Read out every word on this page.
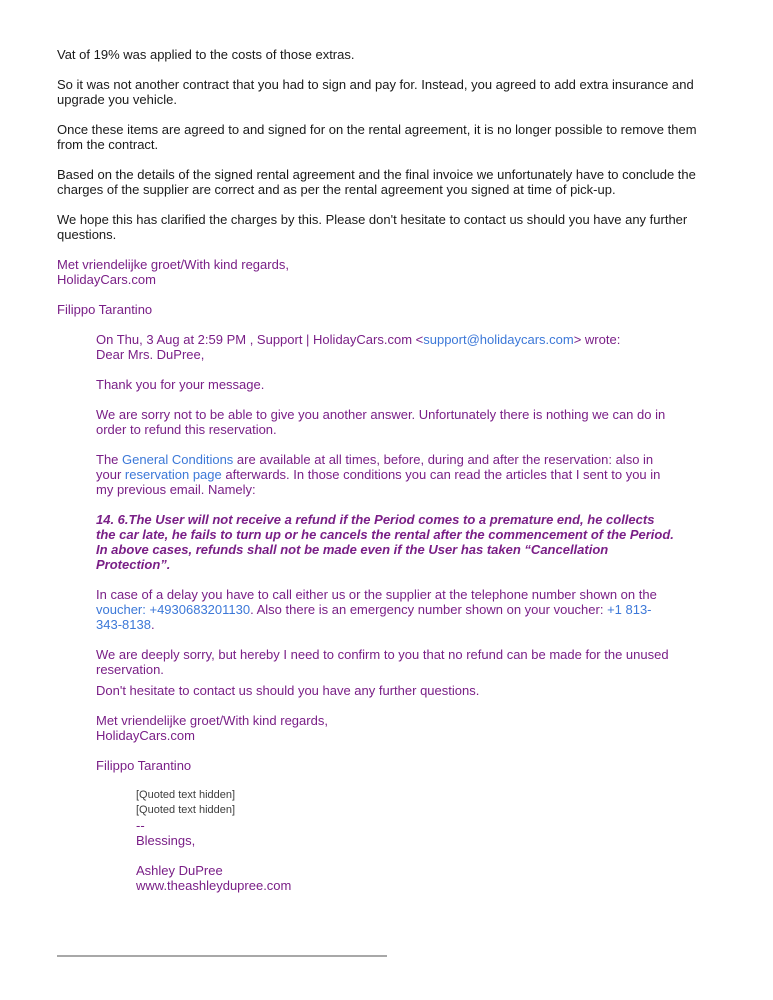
Vat of 19% was applied to the costs of those extras.

So it was not another contract that you had to sign and pay for. Instead, you agreed to add extra insurance and upgrade you vehicle.

Once these items are agreed to and signed for on the rental agreement, it is no longer possible to remove them from the contract.

Based on the details of the signed rental agreement and the final invoice we unfortunately have to conclude the charges of the supplier are correct and as per the rental agreement you signed at time of pick-up.

We hope this has clarified the charges by this. Please don't hesitate to contact us should you have any further questions.

Met vriendelijke groet/With kind regards,
HolidayCars.com

Filippo Tarantino

On Thu, 3 Aug at 2:59 PM , Support | HolidayCars.com <support@holidaycars.com> wrote:
Dear Mrs. DuPree,

Thank you for your message.

We are sorry not to be able to give you another answer. Unfortunately there is nothing we can do in order to refund this reservation.

The General Conditions are available at all times, before, during and after the reservation: also in your reservation page afterwards. In those conditions you can read the articles that I sent to you in my previous email. Namely:

14. 6.The User will not receive a refund if the Period comes to a premature end, he collects the car late, he fails to turn up or he cancels the rental after the commencement of the Period. In above cases, refunds shall not be made even if the User has taken “Cancellation Protection”.

In case of a delay you have to call either us or the supplier at the telephone number shown on the voucher: +4930683201130. Also there is an emergency number shown on your voucher: +1 813-343-8138.

We are deeply sorry, but hereby I need to confirm to you that no refund can be made for the unused reservation.

Don't hesitate to contact us should you have any further questions.

Met vriendelijke groet/With kind regards,
HolidayCars.com

Filippo Tarantino

[Quoted text hidden]

[Quoted text hidden]

--

Blessings,

Ashley DuPree
www.theashleydupree.com
